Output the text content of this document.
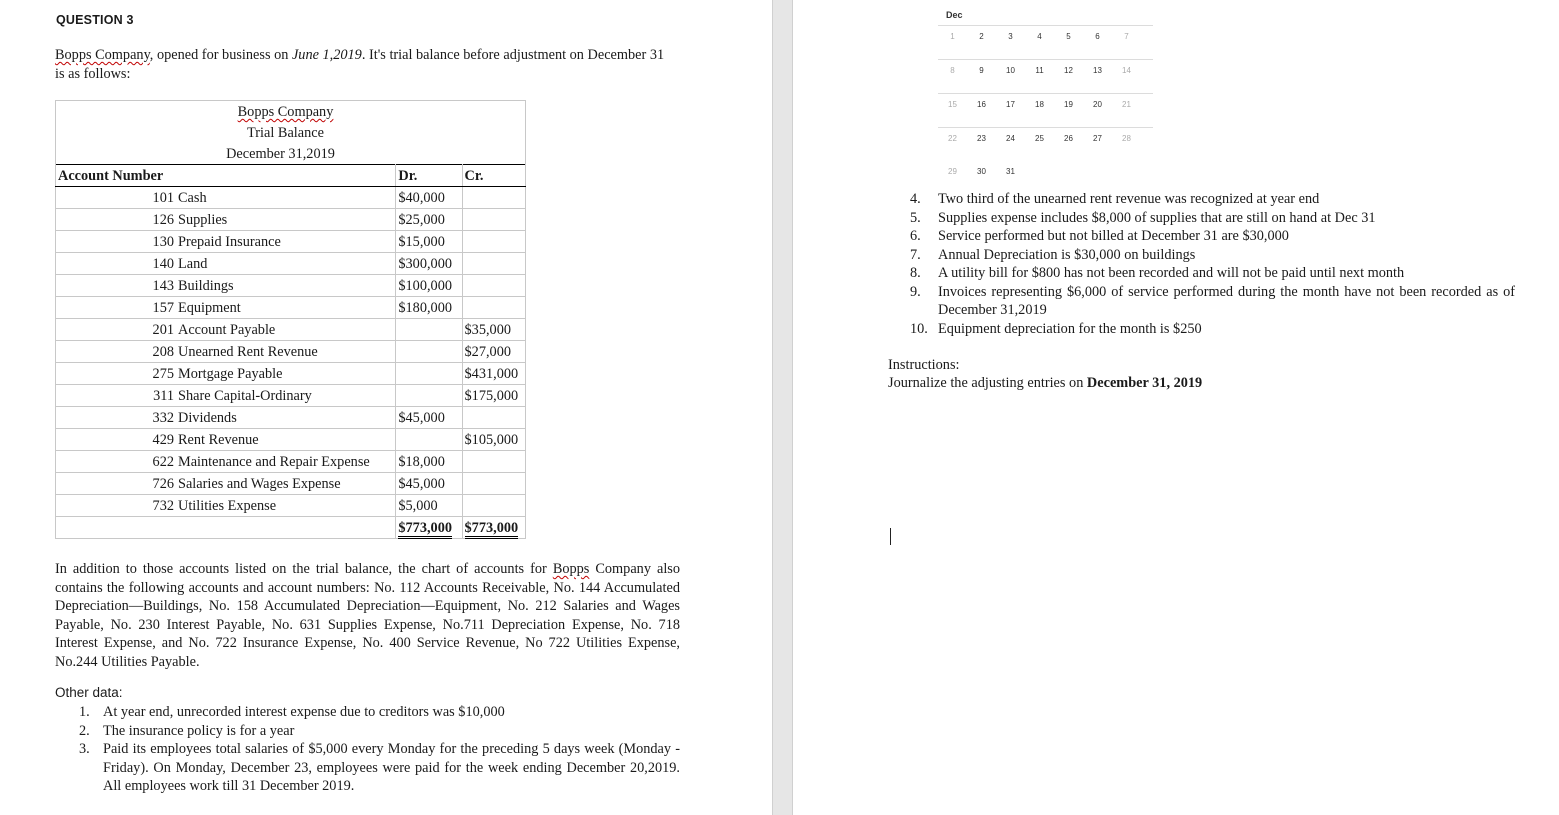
QUESTION 3
Bopps Company, opened for business on June 1,2019. It's trial balance before adjustment on December 31 is as follows:
Bopps Company		
Trial Balance		
December 31,2019		
Account Number	Dr.	Cr.
101 Cash	$40,000	
126 Supplies	$25,000	
130 Prepaid Insurance	$15,000	
140 Land	$300,000	
143 Buildings	$100,000	
157 Equipment	$180,000	
201 Account Payable		$35,000
208 Unearned Rent Revenue		$27,000
275 Mortgage Payable		$431,000
311 Share Capital-Ordinary		$175,000
332 Dividends	$45,000	
429 Rent Revenue		$105,000
622 Maintenance and Repair Expense	$18,000	
726 Salaries and Wages Expense	$45,000	
732 Utilities Expense	$5,000	
	$773,000	$773,000
In addition to those accounts listed on the trial balance, the chart of accounts for Bopps Company also contains the following accounts and account numbers: No. 112 Accounts Receivable, No. 144 Accumulated Depreciation—Buildings, No. 158 Accumulated Depreciation—Equipment, No. 212 Salaries and Wages Payable, No. 230 Interest Payable, No. 631 Supplies Expense, No.711 Depreciation Expense, No. 718 Interest Expense, and No. 722 Insurance Expense, No. 400 Service Revenue, No 722 Utilities Expense, No.244 Utilities Payable.
Other data:
1. At year end, unrecorded interest expense due to creditors was $10,000
2. The insurance policy is for a year
3. Paid its employees total salaries of $5,000 every Monday for the preceding 5 days week (Monday - Friday). On Monday, December 23, employees were paid for the week ending December 20,2019. All employees work till 31 December 2019.
Dec
1	2	3	4	5	6	7
8	9	10	11	12	13	14
15	16	17	18	19	20	21
22	23	24	25	26	27	28
29	30	31
4. Two third of the unearned rent revenue was recognized at year end
5. Supplies expense includes $8,000 of supplies that are still on hand at Dec 31
6. Service performed but not billed at December 31 are $30,000
7. Annual Depreciation is $30,000 on buildings
8. A utility bill for $800 has not been recorded and will not be paid until next month
9. Invoices representing $6,000 of service performed during the month have not been recorded as of December 31,2019
10. Equipment depreciation for the month is $250
Instructions:
Journalize the adjusting entries on December 31, 2019
